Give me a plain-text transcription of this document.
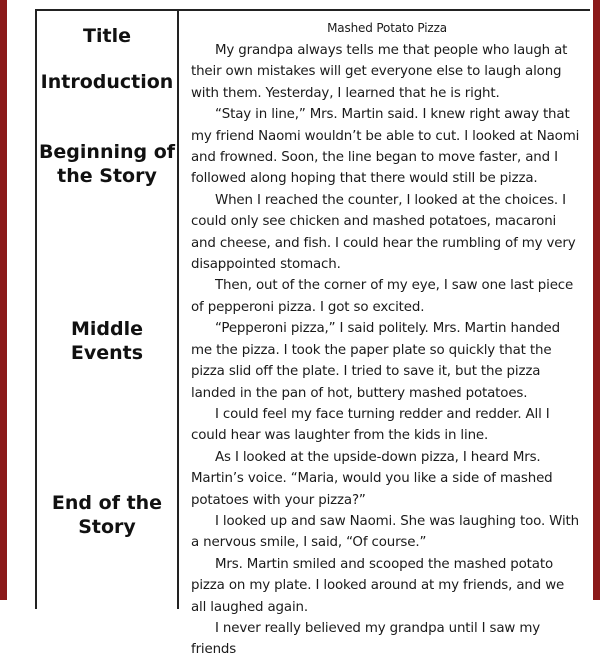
Title
Introduction
Beginning of
the Story
Middle Events
End of the
Story
Mashed Potato Pizza

My grandpa always tells me that people who laugh at their own mistakes will get everyone else to laugh along with them. Yesterday, I learned that he is right.

“Stay in line,” Mrs. Martin said. I knew right away that my friend Naomi wouldn’t be able to cut. I looked at Naomi and frowned. Soon, the line began to move faster, and I followed along hoping that there would still be pizza.

When I reached the counter, I looked at the choices. I could only see chicken and mashed potatoes, macaroni and cheese, and fish. I could hear the rumbling of my very disappointed stomach.

Then, out of the corner of my eye, I saw one last piece of pepperoni pizza. I got so excited.

“Pepperoni pizza,” I said politely. Mrs. Martin handed me the pizza. I took the paper plate so quickly that the pizza slid off the plate. I tried to save it, but the pizza landed in the pan of hot, buttery mashed potatoes.

I could feel my face turning redder and redder. All I could hear was laughter from the kids in line.

As I looked at the upside-down pizza, I heard Mrs. Martin’s voice. “Maria, would you like a side of mashed potatoes with your pizza?”

I looked up and saw Naomi. She was laughing too. With a nervous smile, I said, “Of course.”

Mrs. Martin smiled and scooped the mashed potato pizza on my plate. I looked around at my friends, and we all laughed again.

I never really believed my grandpa until I saw my friends
